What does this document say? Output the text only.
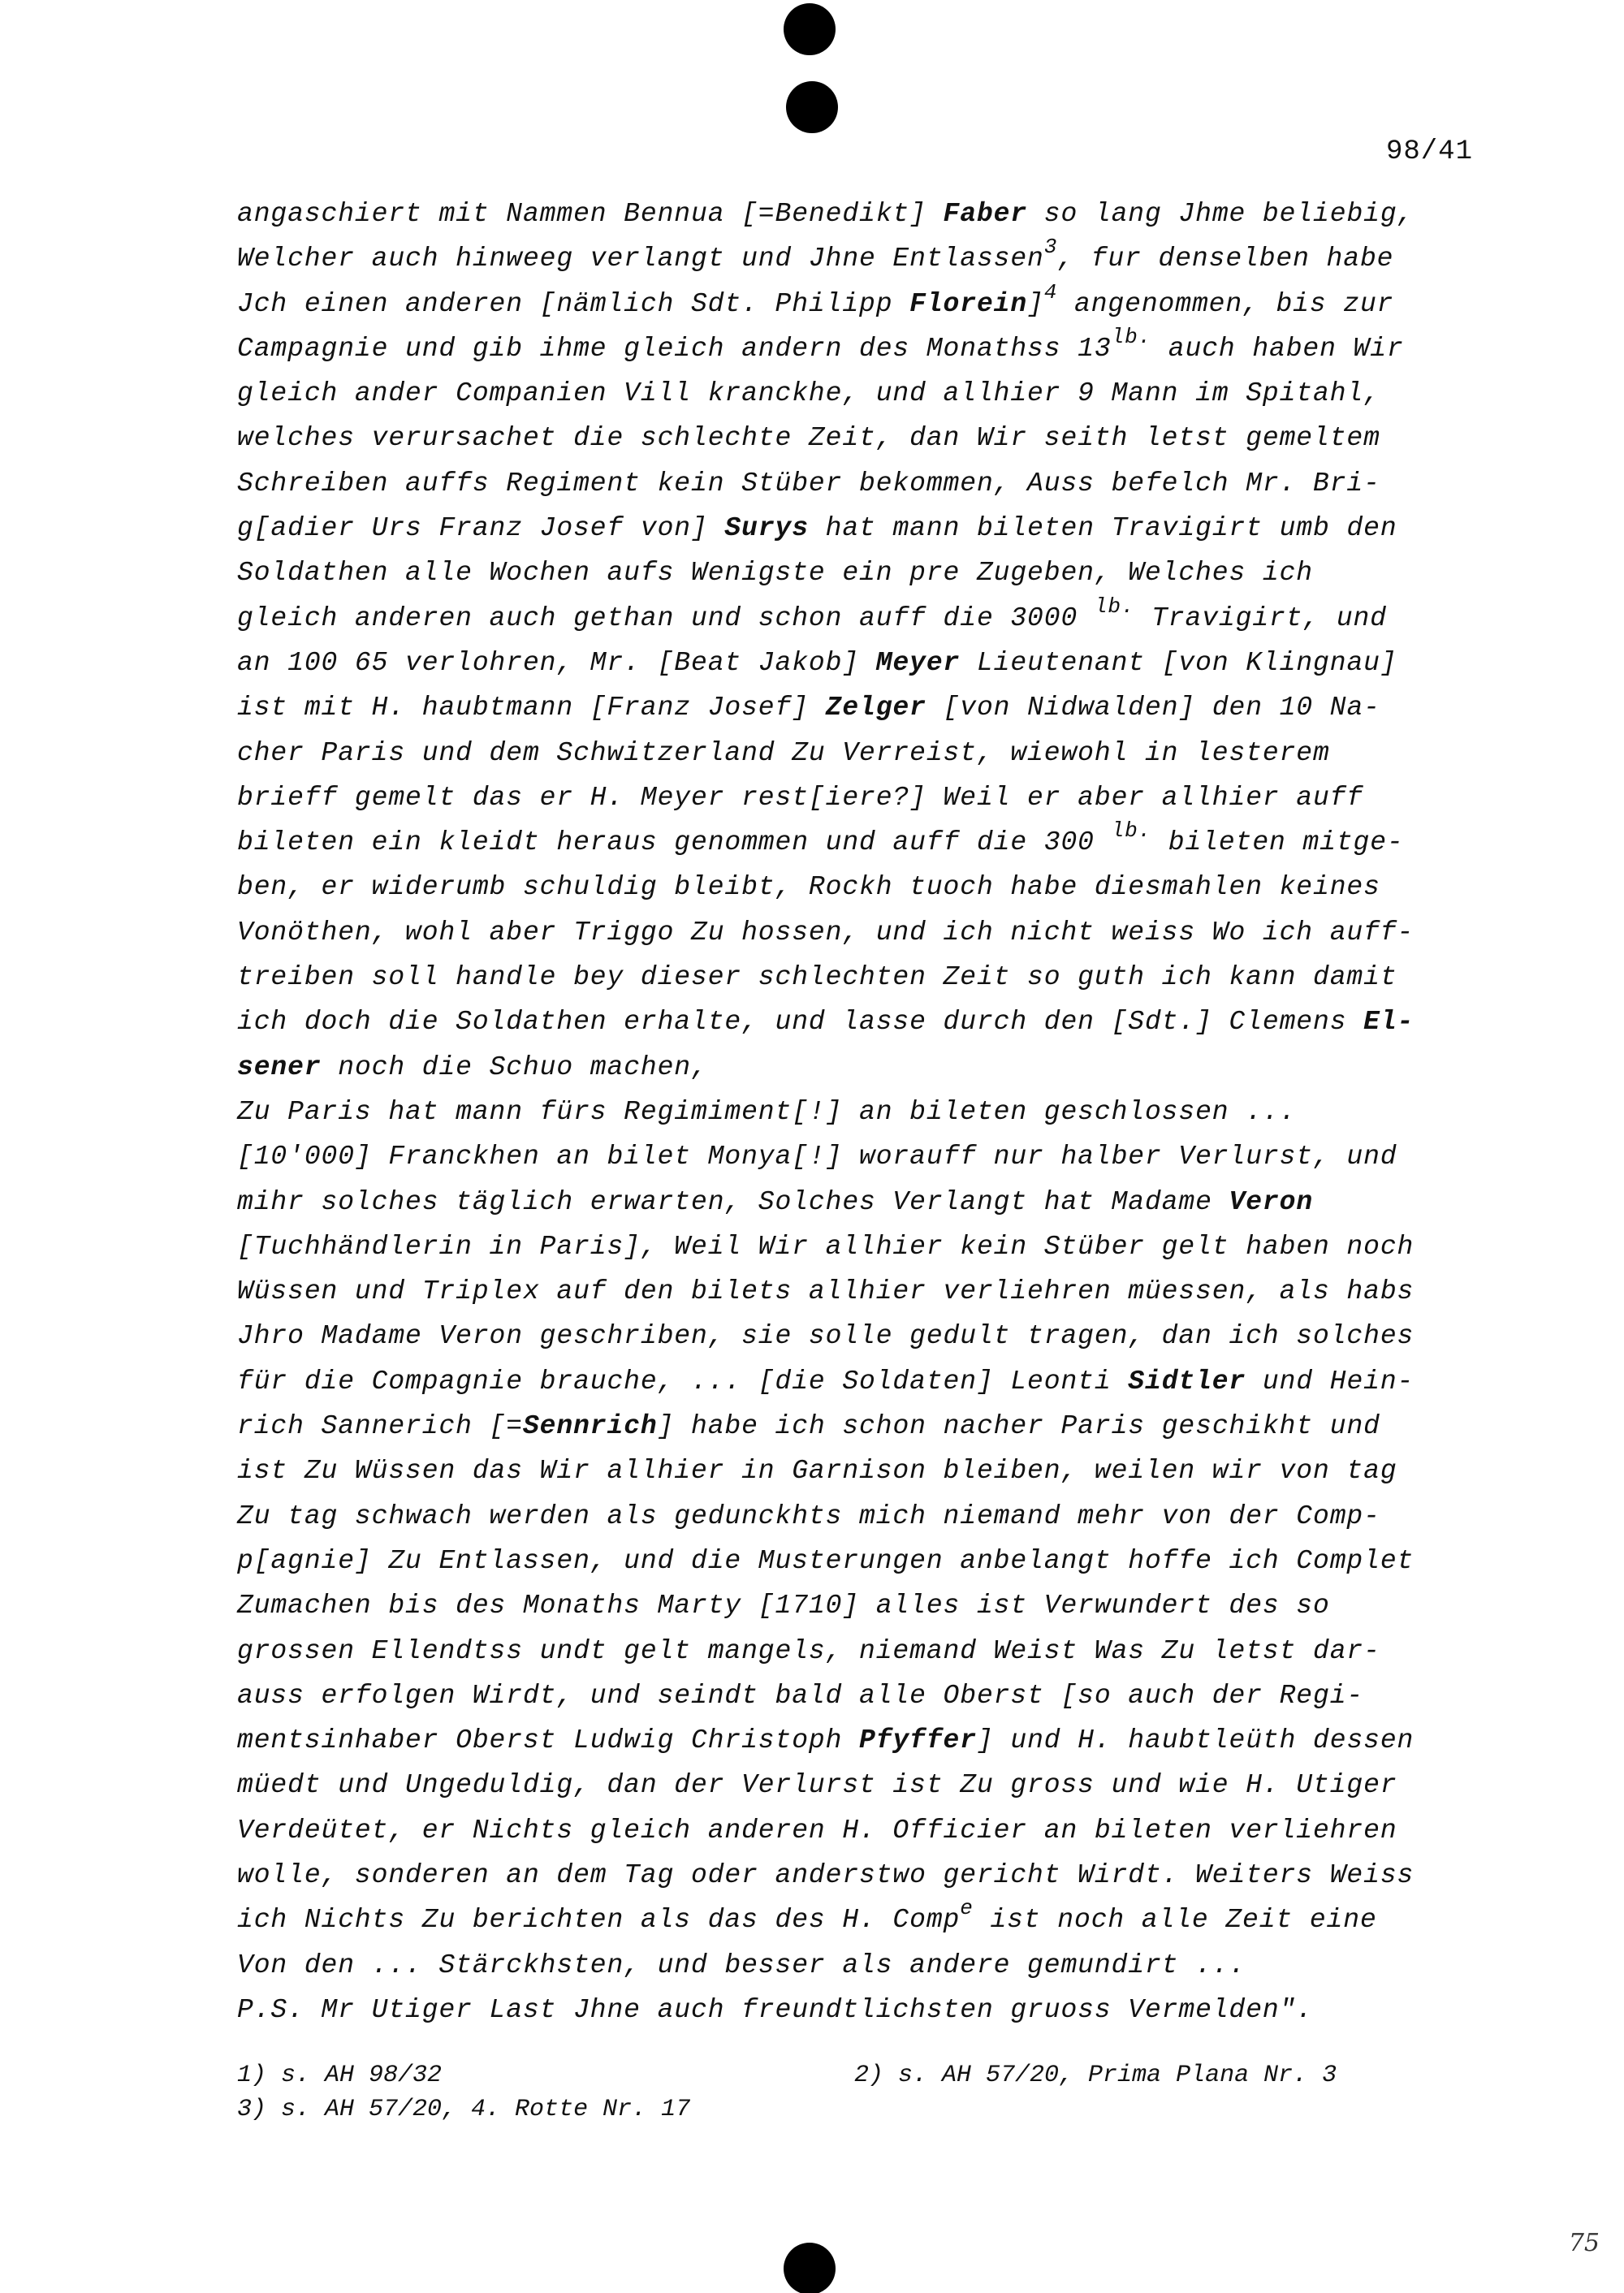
98/41
angaschiert mit Nammen Bennua [=Benedikt] Faber so lang Jhme beliebig,
Welcher auch hinweeg verlangt und Jhne Entlassen$^3$, fur denselben habe
Jch einen anderen [nämlich Sdt. Philipp Florein]$^4$ angenommen, bis zur
Campagnie und gib ihme gleich andern des Monathss $13^{lb.}$ auch haben Wir
gleich ander Companien Vill kranckhe, und allhier 9 Mann im Spitahl,
welches verursachet die schlechte Zeit, dan Wir seith letst gemeltem
Schreiben auffs Regiment kein Stüber bekommen, Auss befelch Mr. Bri-
g[adier Urs Franz Josef von] Surys hat mann bileten Travigirt umb den
Soldathen alle Wochen aufs Wenigste ein pre Zugeben, Welches ich
gleich anderen auch gethan und schon auff die 3000 $^{lb.}$ Travigirt, und
an 100 65 verlohren, Mr. [Beat Jakob] Meyer Lieutenant [von Klingnau]
ist mit H. haubtmann [Franz Josef] Zelger [von Nidwalden] den 10 Na-
cher Paris und dem Schwitzerland Zu Verreist, wiewohl in lesterem
brieff gemelt das er H. Meyer rest[iere?] Weil er aber allhier auff
bileten ein kleidt heraus genommen und auff die 300 $^{lb.}$ bileten mitge-
ben, er widerumb schuldig bleibt, Rockh tuoch habe diesmahlen keines
Vonöthen, wohl aber Triggo Zu hossen, und ich nicht weiss Wo ich auff-
treiben soll handle bey dieser schlechten Zeit so guth ich kann damit
ich doch die Soldathen erhalte, und lasse durch den [Sdt.] Clemens El-
sener noch die Schuo machen,
Zu Paris hat mann fürs Regimiment[!] an bileten geschlossen ...
[10'000] Franckhen an bilet Monya[!] worauff nur halber Verlurst, und
mihr solches täglich erwarten, Solches Verlangt hat Madame Veron
[Tuchhändlerin in Paris], Weil Wir allhier kein Stüber gelt haben noch
Wüssen und Triplex auf den bilets allhier verliehren müessen, als habs
Jhro Madame Veron geschriben, sie solle gedult tragen, dan ich solches
für die Compagnie brauche, ... [die Soldaten] Leonti Sidtler und Hein-
rich Sannerich [=Sennrich] habe ich schon nacher Paris geschikht und
ist Zu Wüssen das Wir allhier in Garnison bleiben, weilen wir von tag
Zu tag schwach werden als gedunckhts mich niemand mehr von der Comp-
p[agnie] Zu Entlassen, und die Musterungen anbelangt hoffe ich Complet
Zumachen bis des Monaths Marty [1710] alles ist Verwundert des so
grossen Ellendtss undt gelt mangels, niemand Weist Was Zu letst dar-
auss erfolgen Wirdt, und seindt bald alle Oberst [so auch der Regi-
mentsinhaber Oberst Ludwig Christoph Pfyffer] und H. haubtleüth dessen
müedt und Ungeduldig, dan der Verlurst ist Zu gross und wie H. Utiger
Verdeütet, er Nichts gleich anderen H. Officier an bileten verliehren
wolle, sonderen an dem Tag oder anderstwo gericht Wirdt. Weiters Weiss
ich Nichts Zu berichten als das des H. Comp$^e$ ist noch alle Zeit eine
Von den ... Stärckhsten, und besser als andere gemundirt ...
P.S. Mr Utiger Last Jhne auch freundtlichsten gruoss Vermelden".
1) s. AH 98/32	2) s. AH 57/20, Prima Plana Nr. 3
3) s. AH 57/20, 4. Rotte Nr. 17
75
